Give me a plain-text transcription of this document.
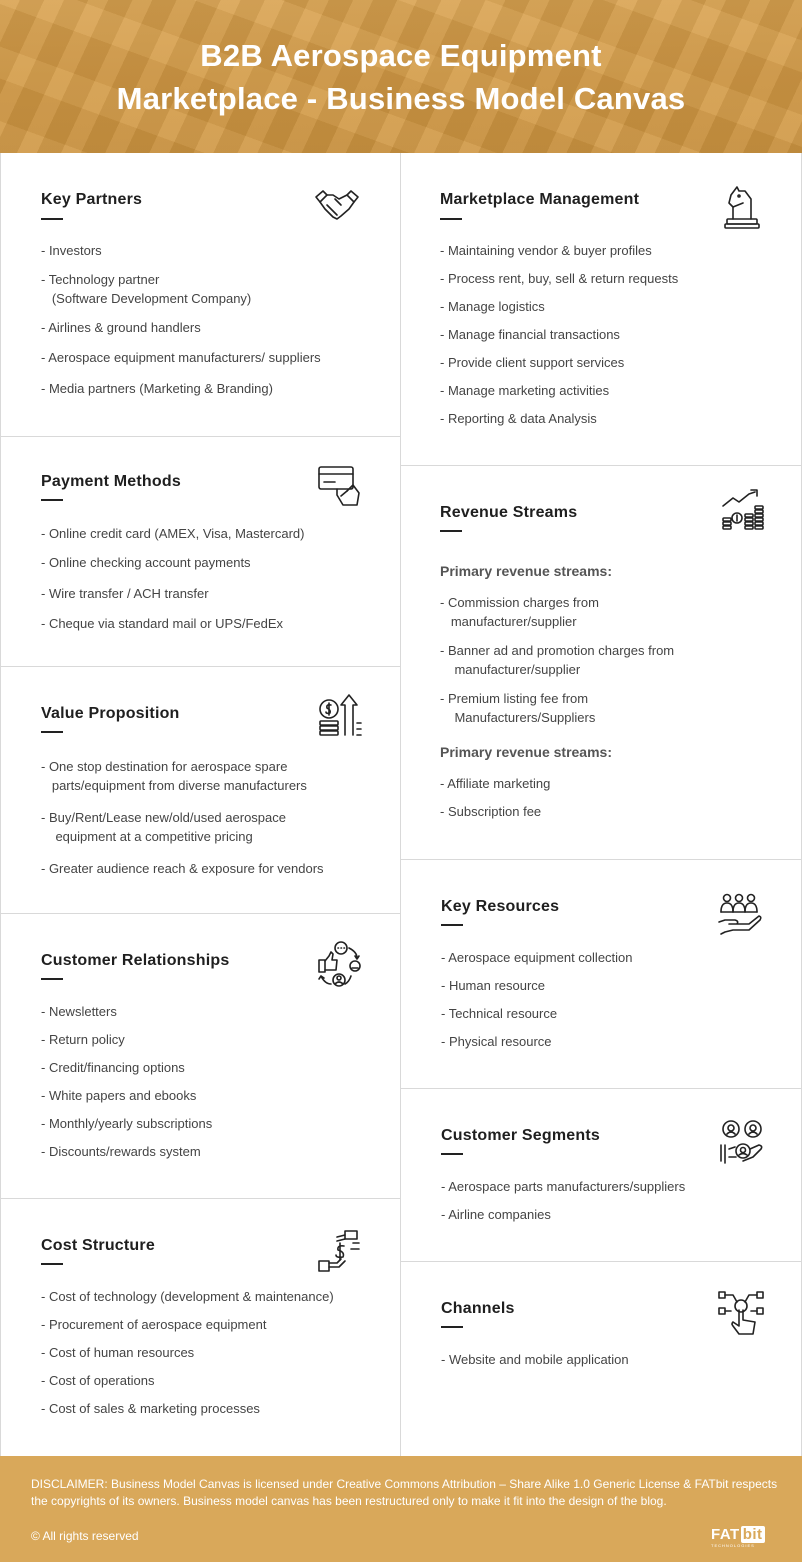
B2B Aerospace Equipment
Marketplace - Business Model Canvas
Key Partners
- Investors
- Technology partner
(Software Development Company)
- Airlines & ground handlers
- Aerospace equipment manufacturers/ suppliers
- Media partners (Marketing & Branding)
Payment Methods
- Online credit card (AMEX, Visa, Mastercard)
- Online checking account payments
- Wire transfer / ACH transfer
- Cheque via standard mail or UPS/FedEx
Value Proposition
- One stop destination for aerospace spare
parts/equipment from diverse manufacturers
- Buy/Rent/Lease new/old/used aerospace
equipment at a competitive pricing
- Greater audience reach & exposure for vendors
Customer Relationships
- Newsletters
- Return policy
- Credit/financing options
- White papers and ebooks
- Monthly/yearly subscriptions
- Discounts/rewards system
Cost Structure
- Cost of technology (development & maintenance)
- Procurement of aerospace equipment
- Cost of human resources
- Cost of operations
- Cost of sales & marketing processes
Marketplace Management
- Maintaining vendor & buyer profiles
- Process rent, buy, sell & return requests
- Manage logistics
- Manage financial transactions
- Provide client support services
- Manage marketing activities
- Reporting & data Analysis
Revenue Streams
Primary revenue streams:
- Commission charges from
manufacturer/supplier
- Banner ad and promotion charges from
manufacturer/supplier
- Premium listing fee from
Manufacturers/Suppliers
Primary revenue streams:
- Affiliate marketing
- Subscription fee
Key Resources
- Aerospace equipment collection
- Human resource
- Technical resource
- Physical resource
Customer Segments
- Aerospace parts manufacturers/suppliers
- Airline companies
Channels
- Website and mobile application
DISCLAIMER: Business Model Canvas is licensed under Creative Commons Attribution – Share Alike 1.0 Generic License & FATbit respects the copyrights of its owners. Business model canvas has been restructured only to make it fit into the design of the blog.
© All rights reserved	FAT bit
TECHNOLOGIES
